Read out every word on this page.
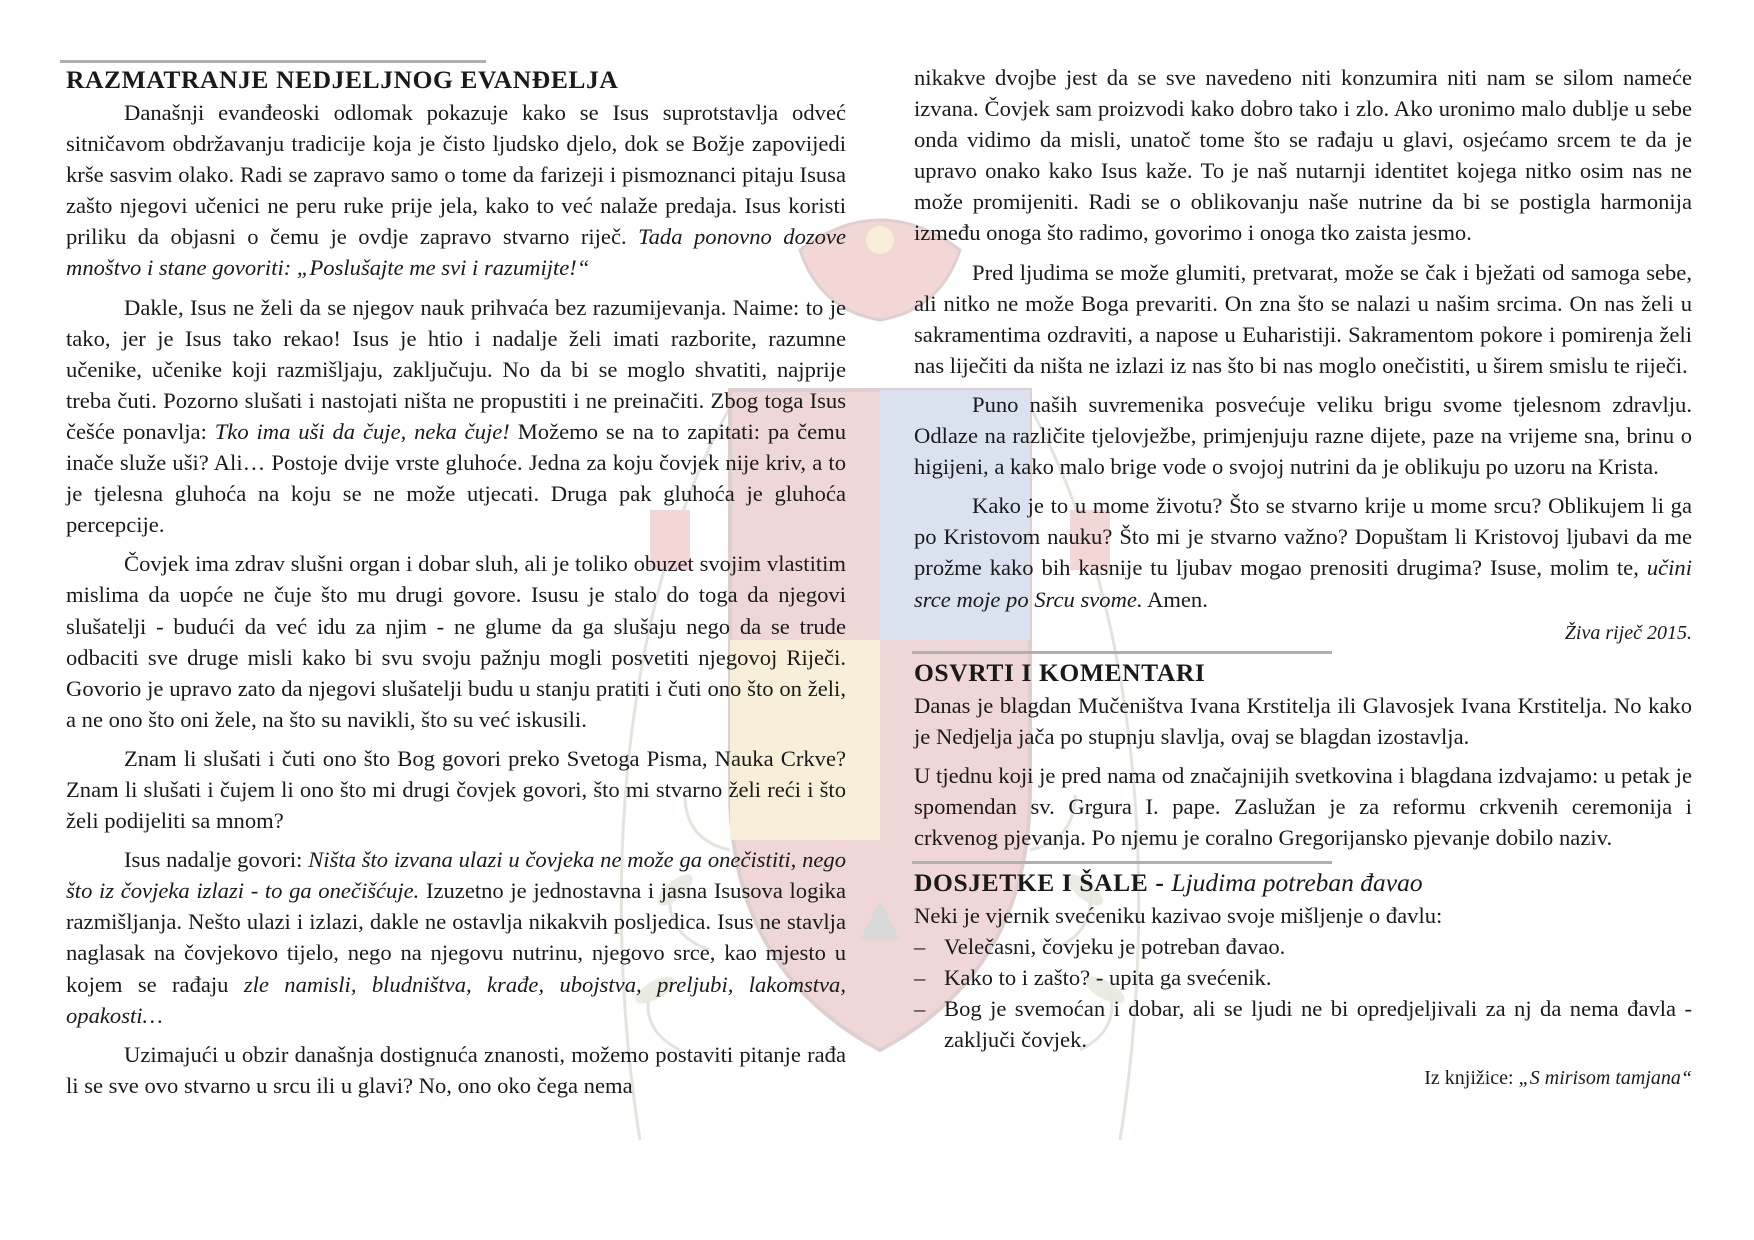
RAZMATRANJE NEDJELJNOG EVANĐELJA

Današnji evanđeoski odlomak pokazuje kako se Isus suprotstavlja odveć sitničavom obdržavanju tradicije koja je čisto ljudsko djelo, dok se Božje zapovijedi krše sasvim olako. Radi se zapravo samo o tome da farizeji i pismoznanci pitaju Isusa zašto njegovi učenici ne peru ruke prije jela, kako to već nalaže predaja. Isus koristi priliku da objasni o čemu je ovdje zapravo stvarno riječ. Tada ponovno dozove mnoštvo i stane govoriti: „Poslušajte me svi i razumijte!“

Dakle, Isus ne želi da se njegov nauk prihvaća bez razumijevanja. Naime: to je tako, jer je Isus tako rekao! Isus je htio i nadalje želi imati razborite, razumne učenike, učenike koji razmišljaju, zaključuju. No da bi se moglo shvatiti, najprije treba čuti. Pozorno slušati i nastojati ništa ne propustiti i ne preinačiti. Zbog toga Isus češće ponavlja: Tko ima uši da čuje, neka čuje! Možemo se na to zapitati: pa čemu inače služe uši? Ali… Postoje dvije vrste gluhoće. Jedna za koju čovjek nije kriv, a to je tjelesna gluhoća na koju se ne može utjecati. Druga pak gluhoća je gluhoća percepcije.

Čovjek ima zdrav slušni organ i dobar sluh, ali je toliko obuzet svojim vlastitim mislima da uopće ne čuje što mu drugi govore. Isusu je stalo do toga da njegovi slušatelji - budući da već idu za njim - ne glume da ga slušaju nego da se trude odbaciti sve druge misli kako bi svu svoju pažnju mogli posvetiti njegovoj Riječi. Govorio je upravo zato da njegovi slušatelji budu u stanju pratiti i čuti ono što on želi, a ne ono što oni žele, na što su navikli, što su već iskusili.

Znam li slušati i čuti ono što Bog govori preko Svetoga Pisma, Nauka Crkve? Znam li slušati i čujem li ono što mi drugi čovjek govori, što mi stvarno želi reći i što želi podijeliti sa mnom?

Isus nadalje govori: Ništa što izvana ulazi u čovjeka ne može ga onečistiti, nego što iz čovjeka izlazi - to ga onečišćuje. Izuzetno je jednostavna i jasna Isusova logika razmišljanja. Nešto ulazi i izlazi, dakle ne ostavlja nikakvih posljedica. Isus ne stavlja naglasak na čovjekovo tijelo, nego na njegovu nutrinu, njegovo srce, kao mjesto u kojem se rađaju zle namisli, bludništva, krađe, ubojstva, preljubi, lakomstva, opakosti…

Uzimajući u obzir današnja dostignuća znanosti, možemo postaviti pitanje rađa li se sve ovo stvarno u srcu ili u glavi? No, ono oko čega nema

nikakve dvojbe jest da se sve navedeno niti konzumira niti nam se silom nameće izvana. Čovjek sam proizvodi kako dobro tako i zlo. Ako uronimo malo dublje u sebe onda vidimo da misli, unatoč tome što se rađaju u glavi, osjećamo srcem te da je upravo onako kako Isus kaže. To je naš nutarnji identitet kojega nitko osim nas ne može promijeniti. Radi se o oblikovanju naše nutrine da bi se postigla harmonija između onoga što radimo, govorimo i onoga tko zaista jesmo.

Pred ljudima se može glumiti, pretvarat, može se čak i bježati od samoga sebe, ali nitko ne može Boga prevariti. On zna što se nalazi u našim srcima. On nas želi u sakramentima ozdraviti, a napose u Euharistiji. Sakramentom pokore i pomirenja želi nas liječiti da ništa ne izlazi iz nas što bi nas moglo onečistiti, u širem smislu te riječi.

Puno naših suvremenika posvećuje veliku brigu svome tjelesnom zdravlju. Odlaze na različite tjelovježbe, primjenjuju razne dijete, paze na vrijeme sna, brinu o higijeni, a kako malo brige vode o svojoj nutrini da je oblikuju po uzoru na Krista.

Kako je to u mome životu? Što se stvarno krije u mome srcu? Oblikujem li ga po Kristovom nauku? Što mi je stvarno važno? Dopuštam li Kristovoj ljubavi da me prožme kako bih kasnije tu ljubav mogao prenositi drugima? Isuse, molim te, učini srce moje po Srcu svome. Amen.

Živa riječ 2015.
OSVRTI I KOMENTARI

Danas je blagdan Mučeništva Ivana Krstitelja ili Glavosjek Ivana Krstitelja. No kako je Nedjelja jača po stupnju slavlja, ovaj se blagdan izostavlja.

U tjednu koji je pred nama od značajnijih svetkovina i blagdana izdvajamo: u petak je spomendan sv. Grgura I. pape. Zaslužan je za reformu crkvenih ceremonija i crkvenog pjevanja. Po njemu je coralno Gregorijansko pjevanje dobilo naziv.

DOSJETKE I ŠALE - Ljudima potreban đavao

Neki je vjernik svećeniku kazivao svoje mišljenje o đavlu:

– Velečasni, čovjeku je potreban đavao.
– Kako to i zašto? - upita ga svećenik.
– Bog je svemoćan i dobar, ali se ljudi ne bi opredjeljivali za nj da nema đavla - zaključi čovjek.
Iz knjižice: „S mirisom tamjana“
